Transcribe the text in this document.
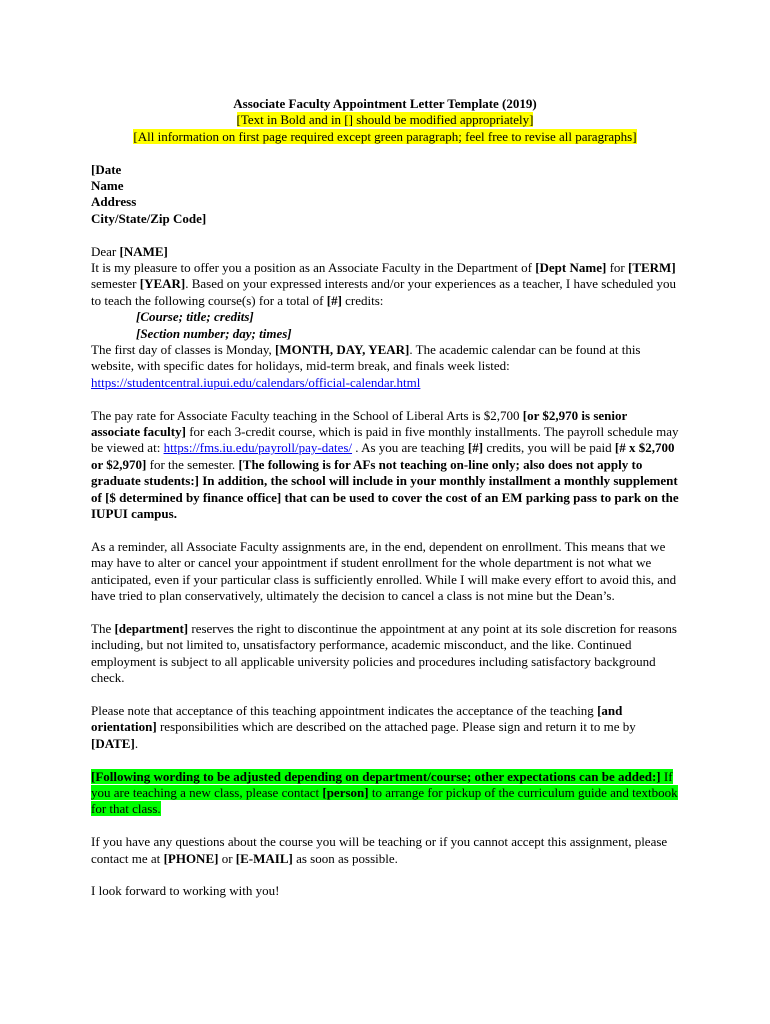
Associate Faculty Appointment Letter Template (2019)
[Text in Bold and in [] should be modified appropriately]
[All information on first page required except green paragraph; feel free to revise all paragraphs]
[Date
Name
Address
City/State/Zip Code]
Dear [NAME]
It is my pleasure to offer you a position as an Associate Faculty in the Department of [Dept Name] for [TERM] semester [YEAR]. Based on your expressed interests and/or your experiences as a teacher, I have scheduled you to teach the following course(s) for a total of [#] credits:
[Course; title; credits]
[Section number; day; times]
The first day of classes is Monday, [MONTH, DAY, YEAR]. The academic calendar can be found at this website, with specific dates for holidays, mid-term break, and finals week listed: https://studentcentral.iupui.edu/calendars/official-calendar.html
The pay rate for Associate Faculty teaching in the School of Liberal Arts is $2,700 [or $2,970 is senior associate faculty] for each 3-credit course, which is paid in five monthly installments. The payroll schedule may be viewed at: https://fms.iu.edu/payroll/pay-dates/ . As you are teaching [#] credits, you will be paid [# x $2,700 or $2,970] for the semester. [The following is for AFs not teaching on-line only; also does not apply to graduate students:] In addition, the school will include in your monthly installment a monthly supplement of [$ determined by finance office] that can be used to cover the cost of an EM parking pass to park on the IUPUI campus.
As a reminder, all Associate Faculty assignments are, in the end, dependent on enrollment. This means that we may have to alter or cancel your appointment if student enrollment for the whole department is not what we anticipated, even if your particular class is sufficiently enrolled. While I will make every effort to avoid this, and have tried to plan conservatively, ultimately the decision to cancel a class is not mine but the Dean’s.
The [department] reserves the right to discontinue the appointment at any point at its sole discretion for reasons including, but not limited to, unsatisfactory performance, academic misconduct, and the like. Continued employment is subject to all applicable university policies and procedures including satisfactory background check.
Please note that acceptance of this teaching appointment indicates the acceptance of the teaching [and orientation] responsibilities which are described on the attached page. Please sign and return it to me by [DATE].
[Following wording to be adjusted depending on department/course; other expectations can be added:] If you are teaching a new class, please contact [person] to arrange for pickup of the curriculum guide and textbook for that class.
If you have any questions about the course you will be teaching or if you cannot accept this assignment, please contact me at [PHONE] or [E-MAIL] as soon as possible.
I look forward to working with you!
